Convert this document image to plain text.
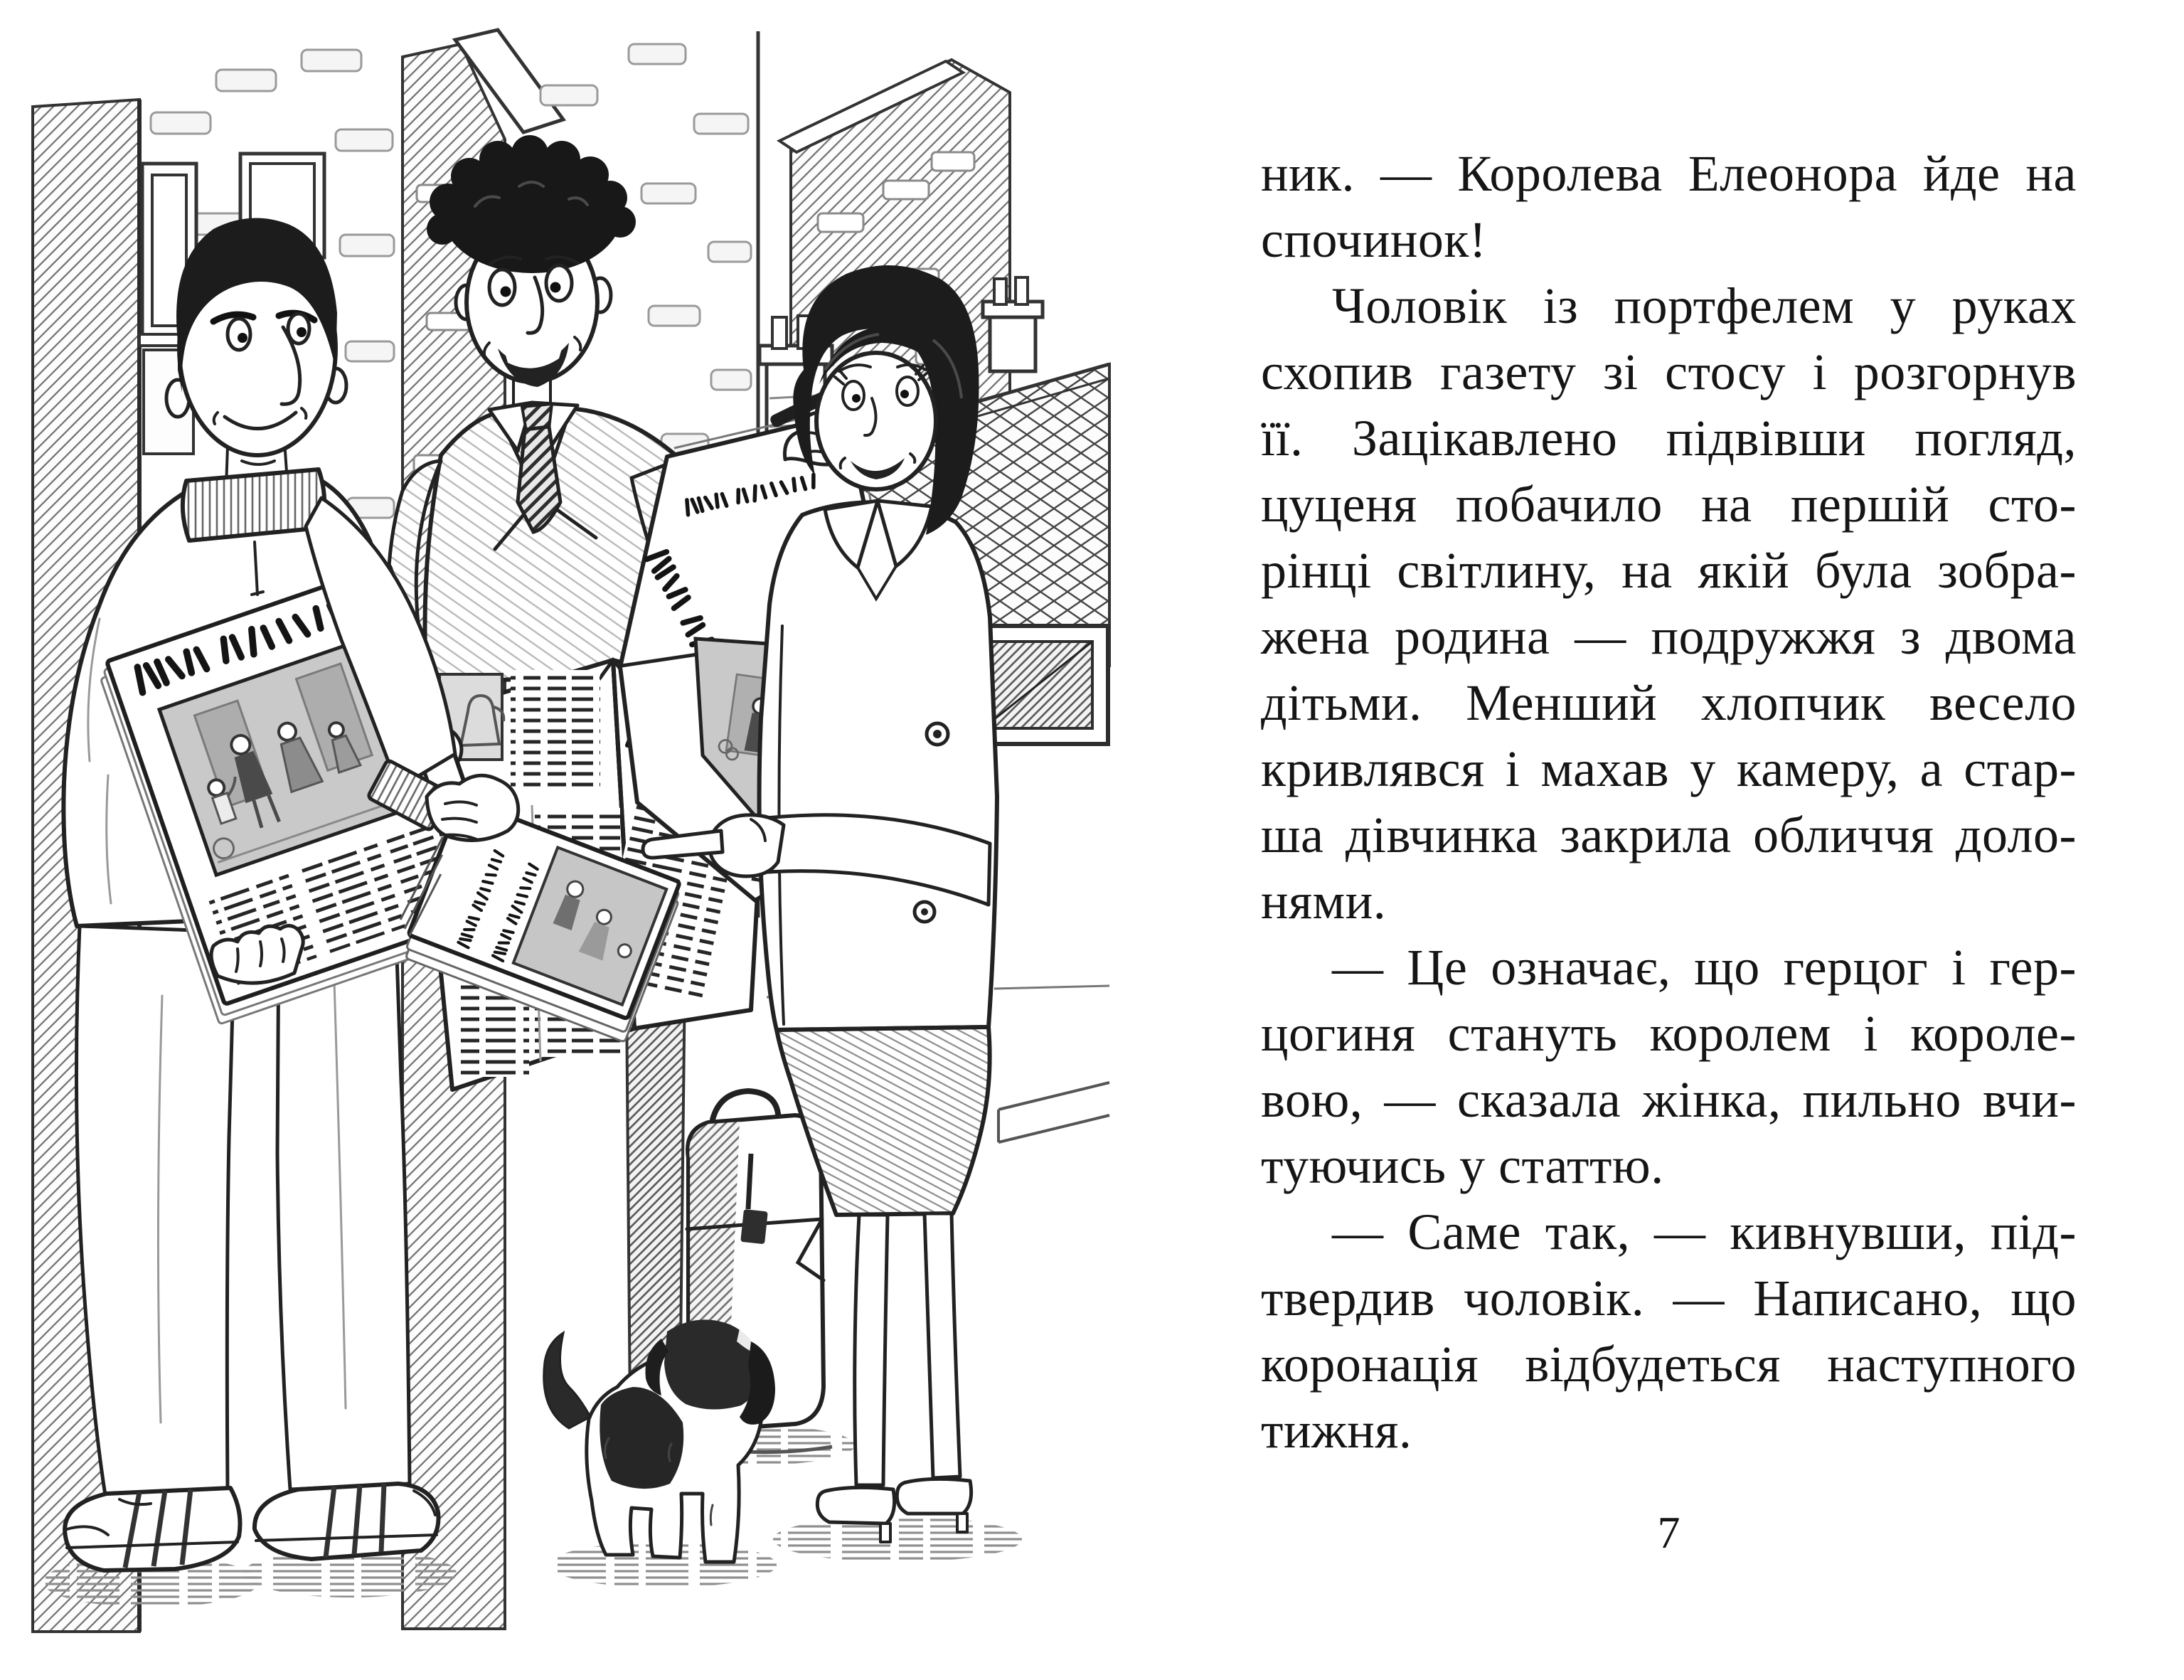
ник. — Королева Елеонора йде на
спочинок!
Чоловік із портфелем у руках
схопив газету зі стосу і розгорнув
її. Зацікавлено підвівши погляд,
цуценя побачило на першій сто-
рінці світлину, на якій була зобра-
жена родина — подружжя з двома
дітьми. Менший хлопчик весело
кривлявся і махав у камеру, а стар-
ша дівчинка закрила обличчя доло-
нями.
— Це означає, що герцог і гер-
цогиня стануть королем і короле-
вою, — сказала жінка, пильно вчи-
туючись у статтю.
— Саме так, — кивнувши, під-
твердив чоловік. — Написано, що
коронація відбудеться наступного
тижня.
7
